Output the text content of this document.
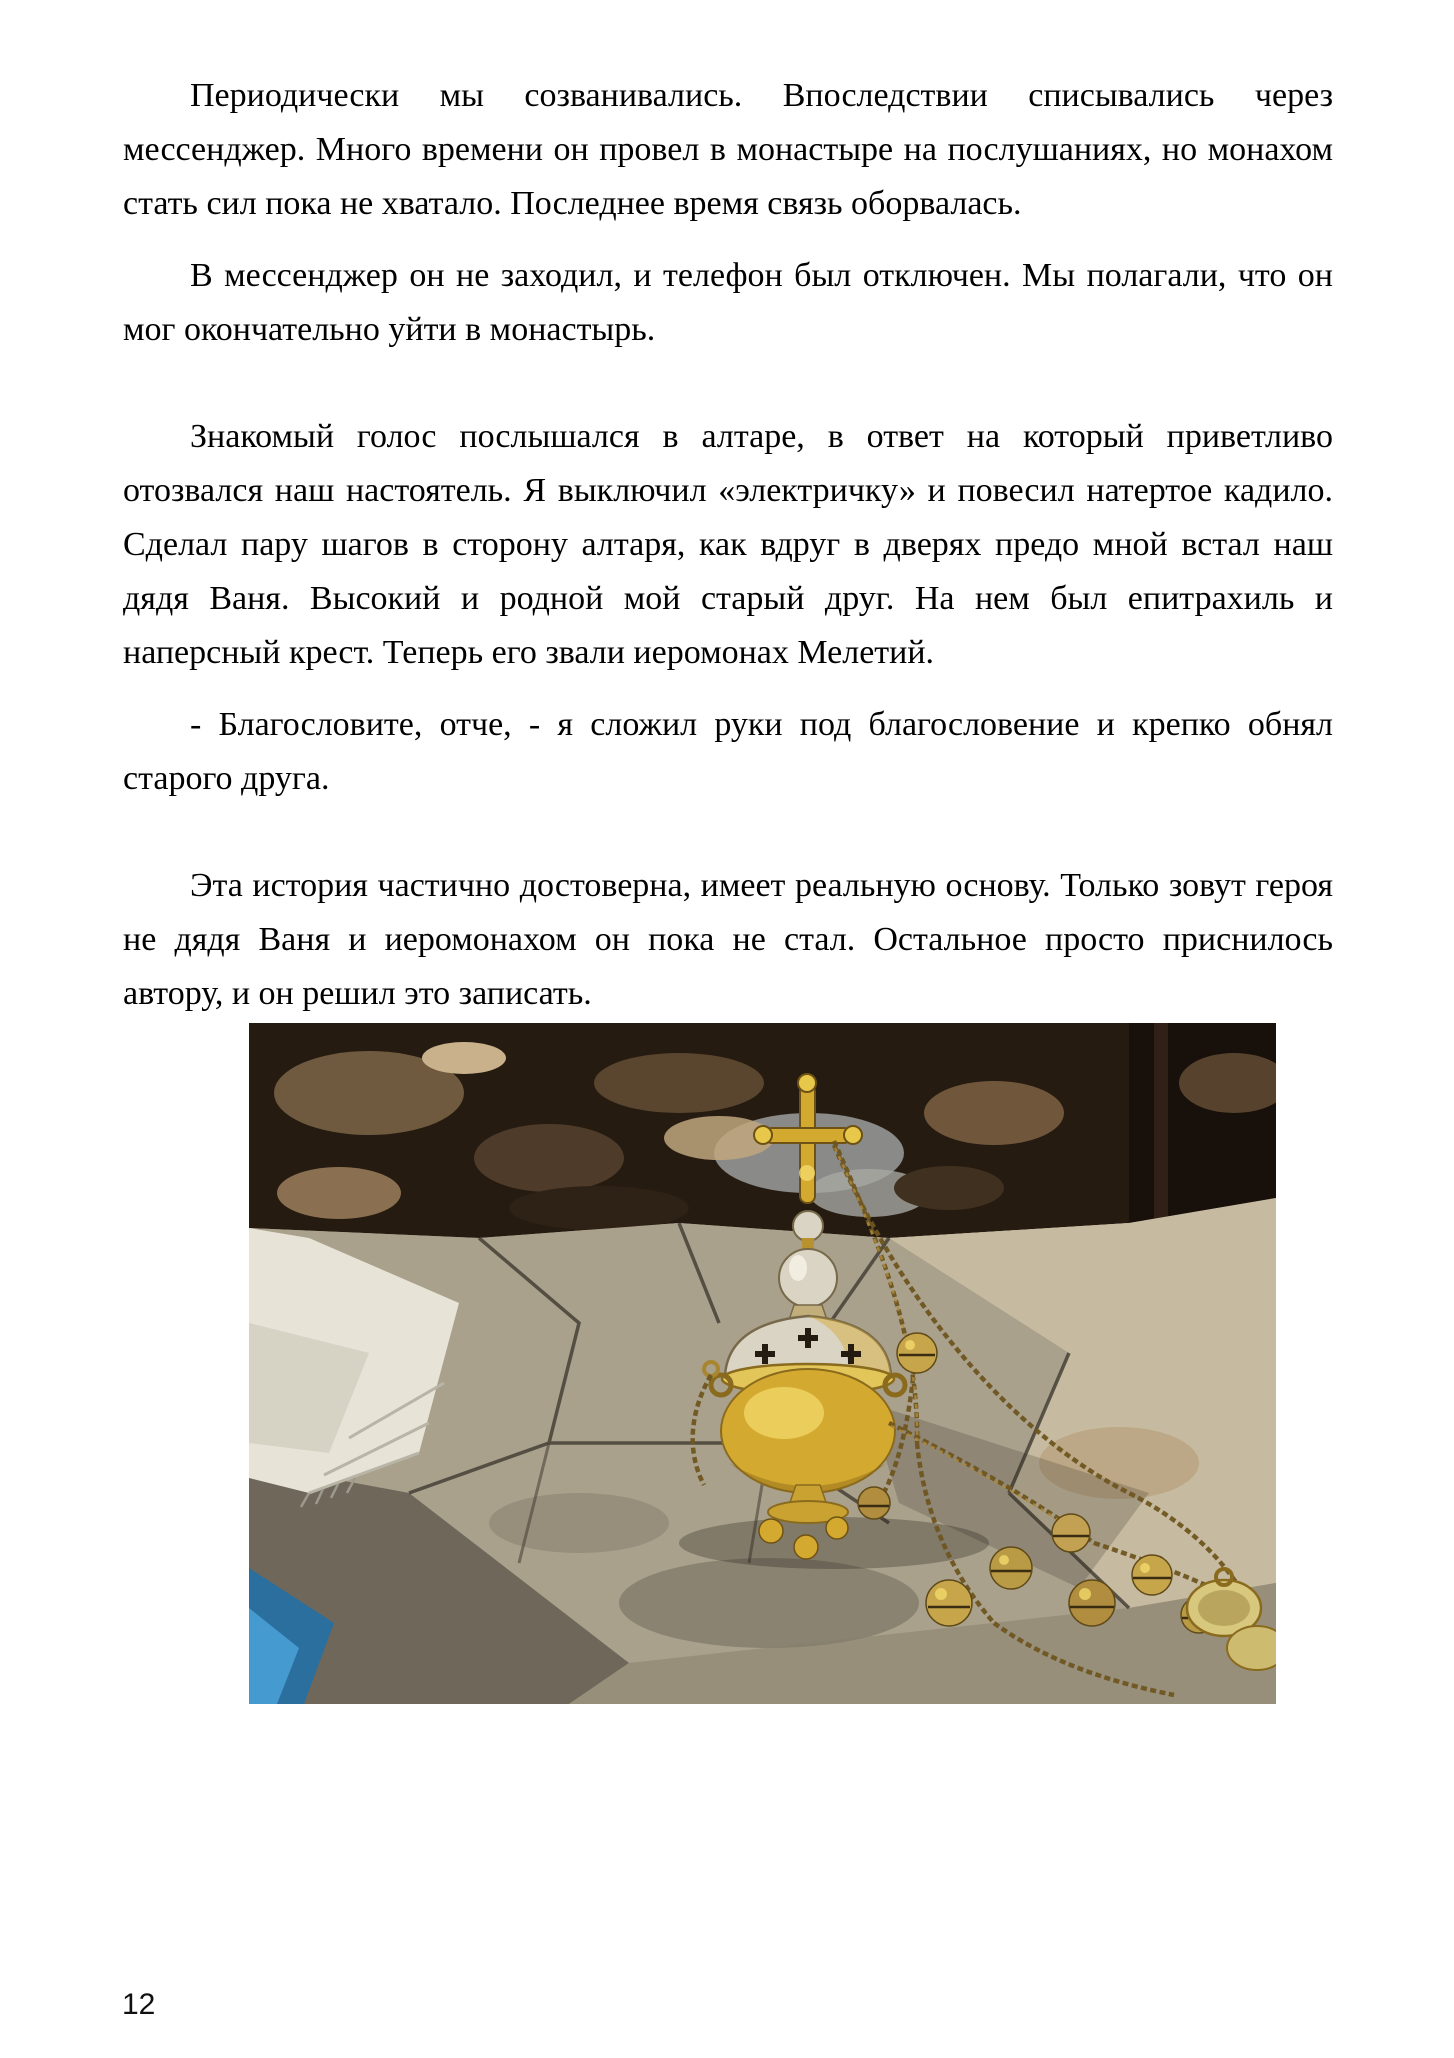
Периодически мы созванивались. Впоследствии списывались через мессенджер. Много времени он провел в монастыре на послушаниях, но монахом стать сил пока не хватало. Последнее время связь оборвалась.

В мессенджер он не заходил, и телефон был отключен. Мы полагали, что он мог окончательно уйти в монастырь.

Знакомый голос послышался в алтаре, в ответ на который приветливо отозвался наш настоятель. Я выключил «электричку» и повесил натертое кадило. Сделал пару шагов в сторону алтаря, как вдруг в дверях предо мной встал наш дядя Ваня. Высокий и родной мой старый друг. На нем был епитрахиль и наперсный крест. Теперь его звали иеромонах Мелетий.

- Благословите, отче, - я сложил руки под благословение и крепко обнял старого друга.

Эта история частично достоверна, имеет реальную основу. Только зовут героя не дядя Ваня и иеромонахом он пока не стал. Остальное просто приснилось автору, и он решил это записать.

12
